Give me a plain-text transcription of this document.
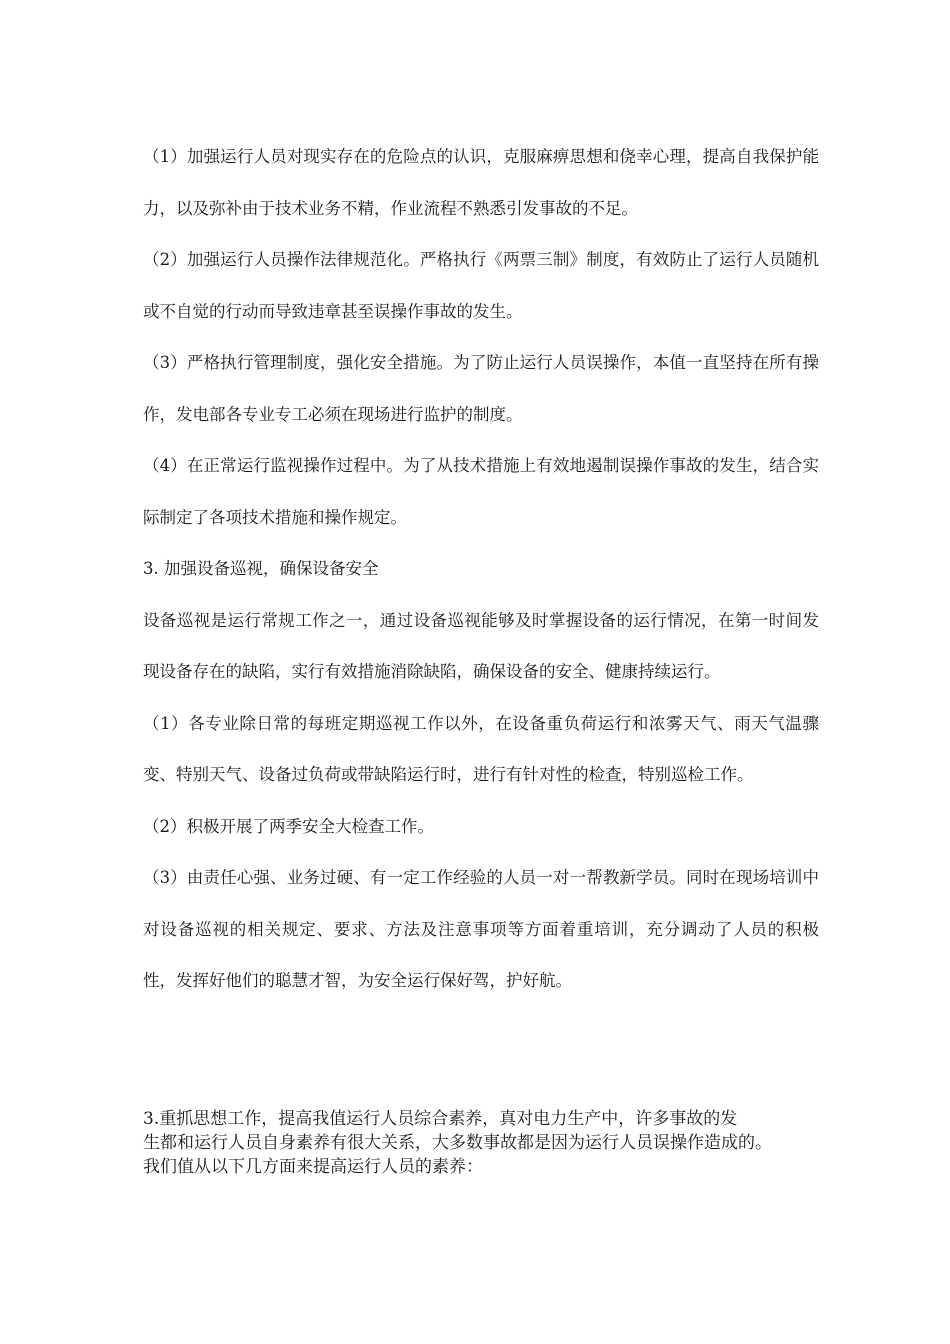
（1）加强运行人员对现实存在的危险点的认识，克服麻痹思想和侥幸心理，提高自我保护能力，以及弥补由于技术业务不精，作业流程不熟悉引发事故的不足。

（2）加强运行人员操作法律规范化。严格执行《两票三制》制度，有效防止了运行人员随机或不自觉的行动而导致违章甚至误操作事故的发生。

（3）严格执行管理制度，强化安全措施。为了防止运行人员误操作，本值一直坚持在所有操作，发电部各专业专工必须在现场进行监护的制度。

（4）在正常运行监视操作过程中。为了从技术措施上有效地遏制误操作事故的发生，结合实际制定了各项技术措施和操作规定。

3. 加强设备巡视，确保设备安全

设备巡视是运行常规工作之一，通过设备巡视能够及时掌握设备的运行情况，在第一时间发现设备存在的缺陷，实行有效措施消除缺陷，确保设备的安全、健康持续运行。

（1）各专业除日常的每班定期巡视工作以外，在设备重负荷运行和浓雾天气、雨天气温骤变、特别天气、设备过负荷或带缺陷运行时，进行有针对性的检查，特别巡检工作。

（2）积极开展了两季安全大检查工作。

（3）由责任心强、业务过硬、有一定工作经验的人员一对一帮教新学员。同时在现场培训中对设备巡视的相关规定、要求、方法及注意事项等方面着重培训，充分调动了人员的积极性，发挥好他们的聪慧才智，为安全运行保好驾，护好航。

3.重抓思想工作，提高我值运行人员综合素养，真对电力生产中，许多事故的发

生都和运行人员自身素养有很大关系，大多数事故都是因为运行人员误操作造成的。

我们值从以下几方面来提高运行人员的素养：
